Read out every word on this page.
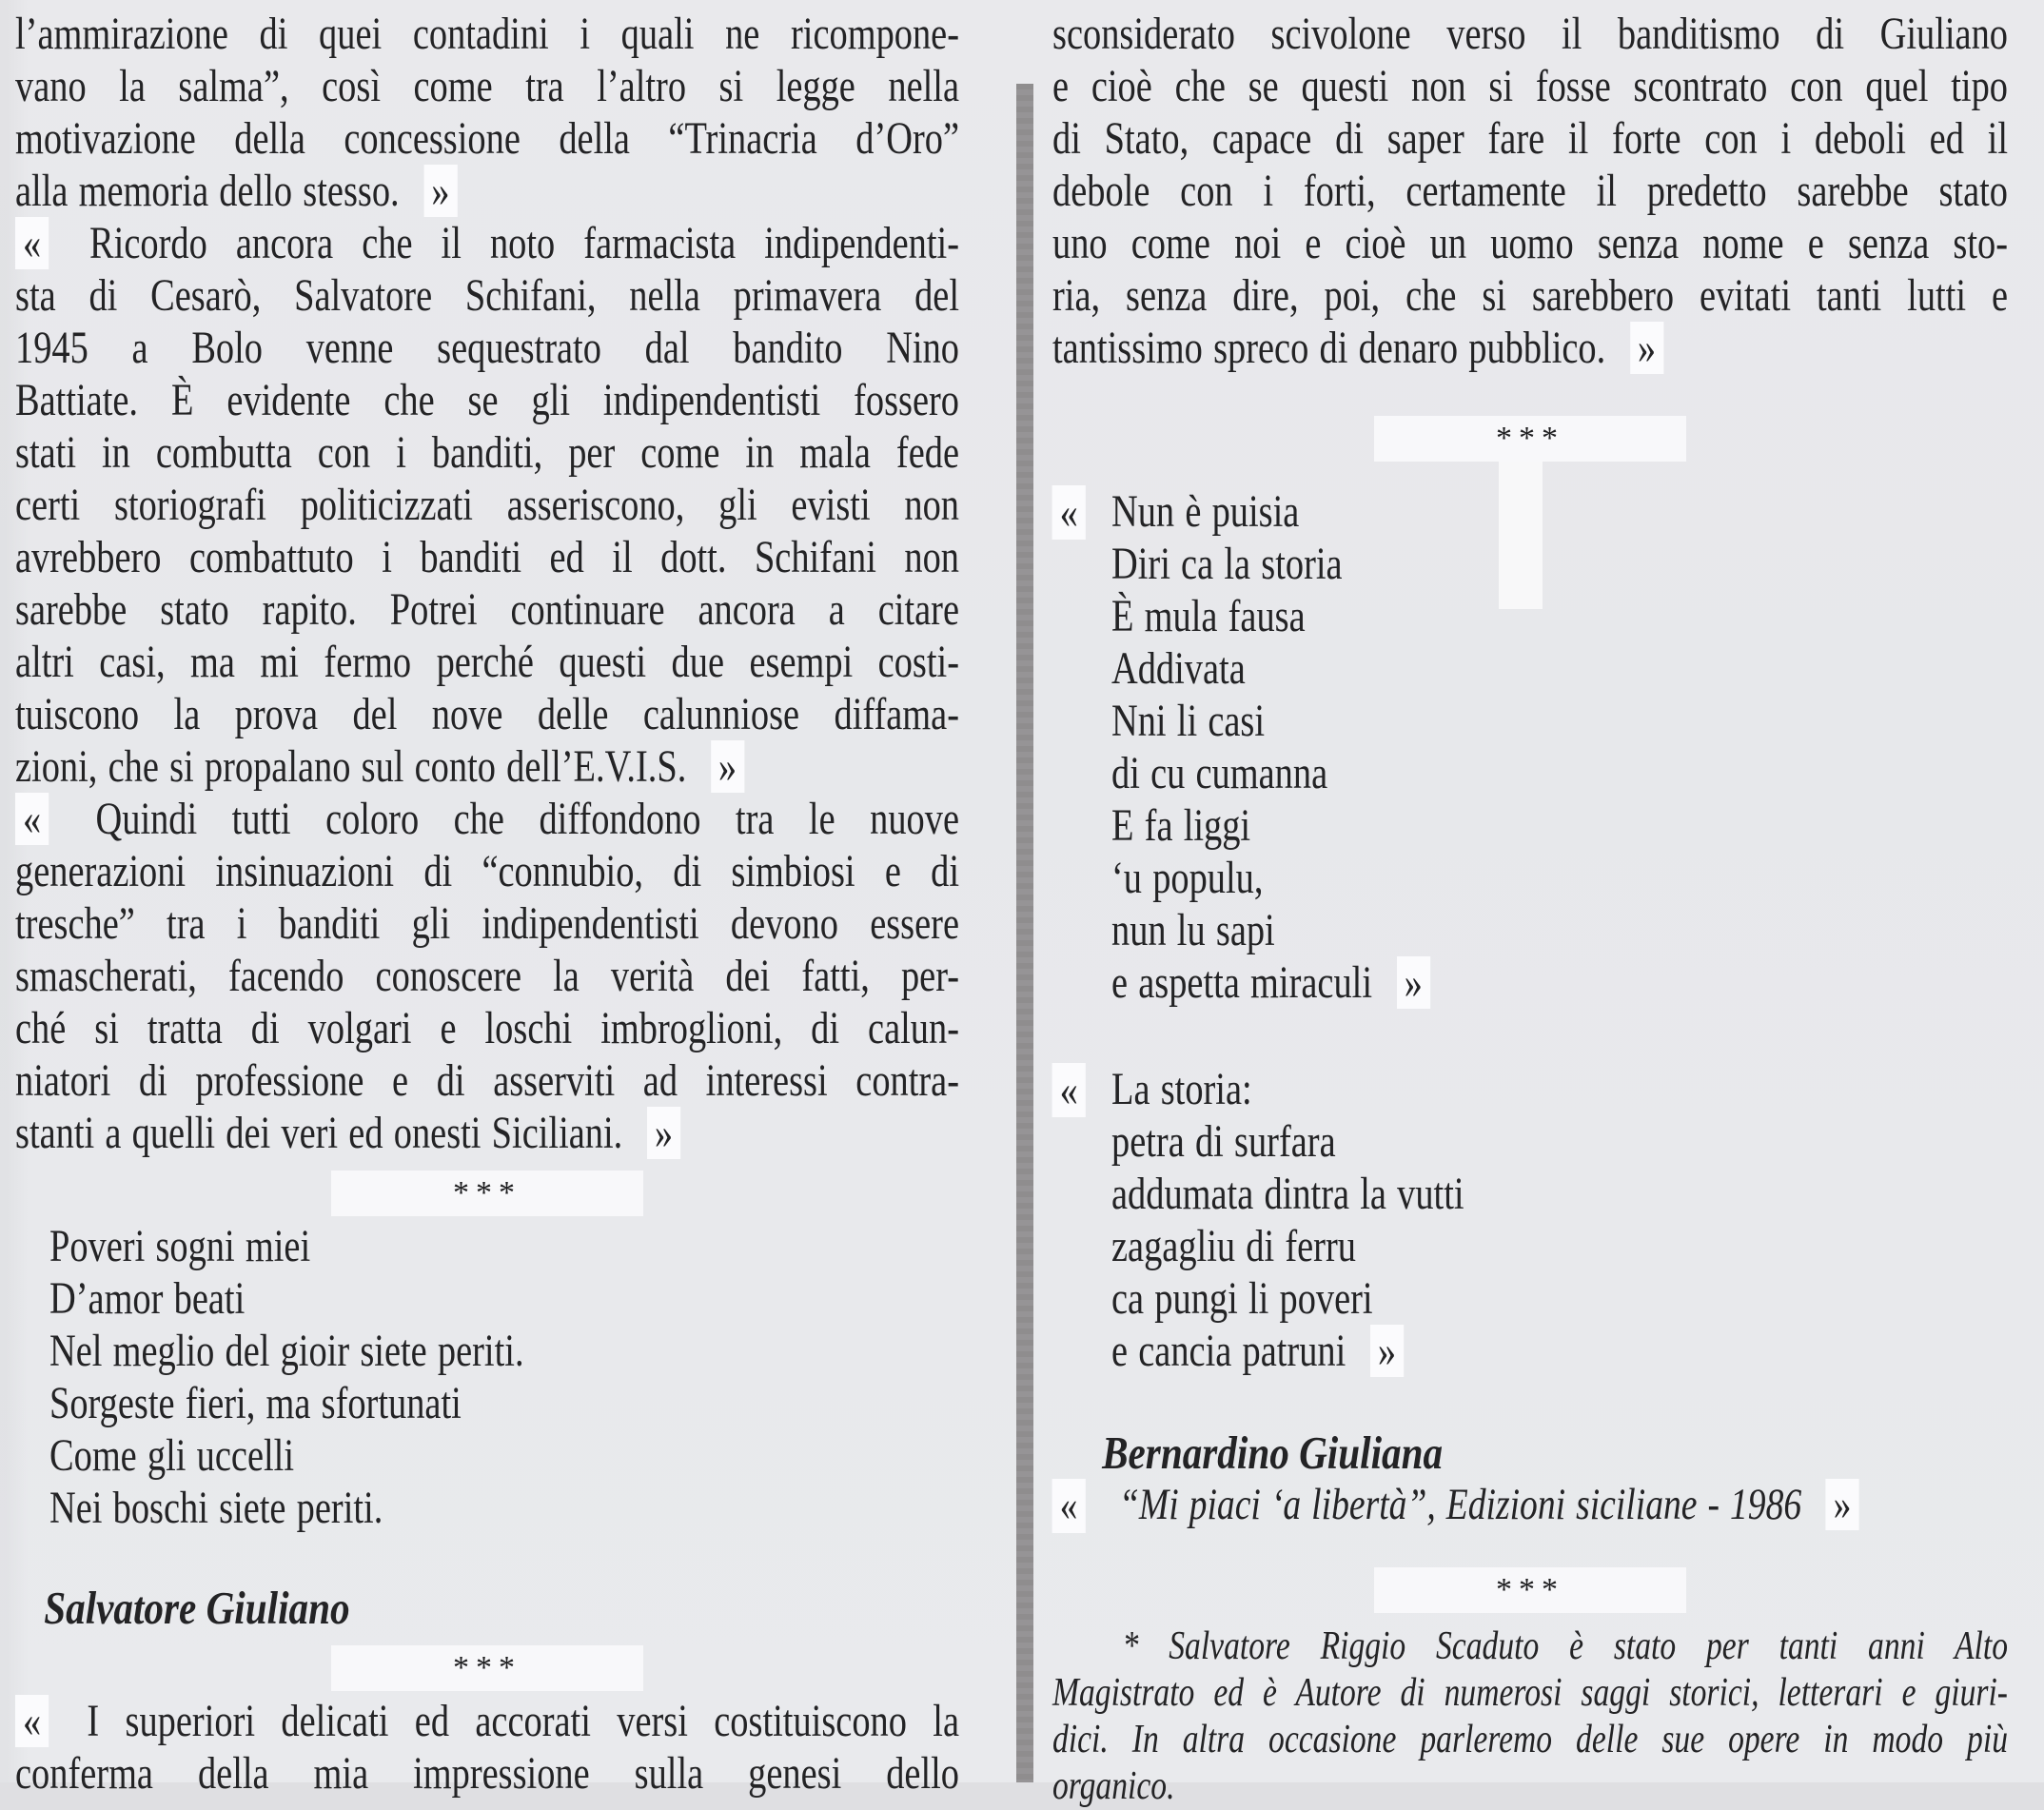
l’ammirazione di quei contadini i quali ne ricompone-
vano la salma”, così come tra l’altro si legge nella
motivazione della concessione della “Trinacria d’Oro”
alla memoria dello stesso. »
« Ricordo ancora che il noto farmacista indipendenti-
sta di Cesarò, Salvatore Schifani, nella primavera del
1945 a Bolo venne sequestrato dal bandito Nino
Battiate. È evidente che se gli indipendentisti fossero
stati in combutta con i banditi, per come in mala fede
certi storiografi politicizzati asseriscono, gli evisti non
avrebbero combattuto i banditi ed il dott. Schifani non
sarebbe stato rapito. Potrei continuare ancora a citare
altri casi, ma mi fermo perché questi due esempi costi-
tuiscono la prova del nove delle calunniose diffama-
zioni, che si propalano sul conto dell’E.V.I.S. »
« Quindi tutti coloro che diffondono tra le nuove
generazioni insinuazioni di “connubio, di simbiosi e di
tresche” tra i banditi gli indipendentisti devono essere
smascherati, facendo conoscere la verità dei fatti, per-
ché si tratta di volgari e loschi imbroglioni, di calun-
niatori di professione e di asserviti ad interessi contra-
stanti a quelli dei veri ed onesti Siciliani. »
***
Poveri sogni miei
D’amor beati
Nel meglio del gioir siete periti.
Sorgeste fieri, ma sfortunati
Come gli uccelli
Nei boschi siete periti.
Salvatore Giuliano
***
« I superiori delicati ed accorati versi costituiscono la
conferma della mia impressione sulla genesi dello
sconsiderato scivolone verso il banditismo di Giuliano
e cioè che se questi non si fosse scontrato con quel tipo
di Stato, capace di saper fare il forte con i deboli ed il
debole con i forti, certamente il predetto sarebbe stato
uno come noi e cioè un uomo senza nome e senza sto-
ria, senza dire, poi, che si sarebbero evitati tanti lutti e
tantissimo spreco di denaro pubblico. »
***
« Nun è puisia
Diri ca la storia
È mula fausa
Addivata
Nni li casi
di cu cumanna
E fa liggi
‘u populu,
nun lu sapi
e aspetta miraculi »
« La storia:
petra di surfara
addumata dintra la vutti
zagagliu di ferru
ca pungi li poveri
e cancia patruni »
Bernardino Giuliana
« “Mi piaci ‘a libertà”, Edizioni siciliane - 1986 »
***
* Salvatore Riggio Scaduto è stato per tanti anni Alto
Magistrato ed è Autore di numerosi saggi storici, letterari e giuri-
dici. In altra occasione parleremo delle sue opere in modo più
organico.
